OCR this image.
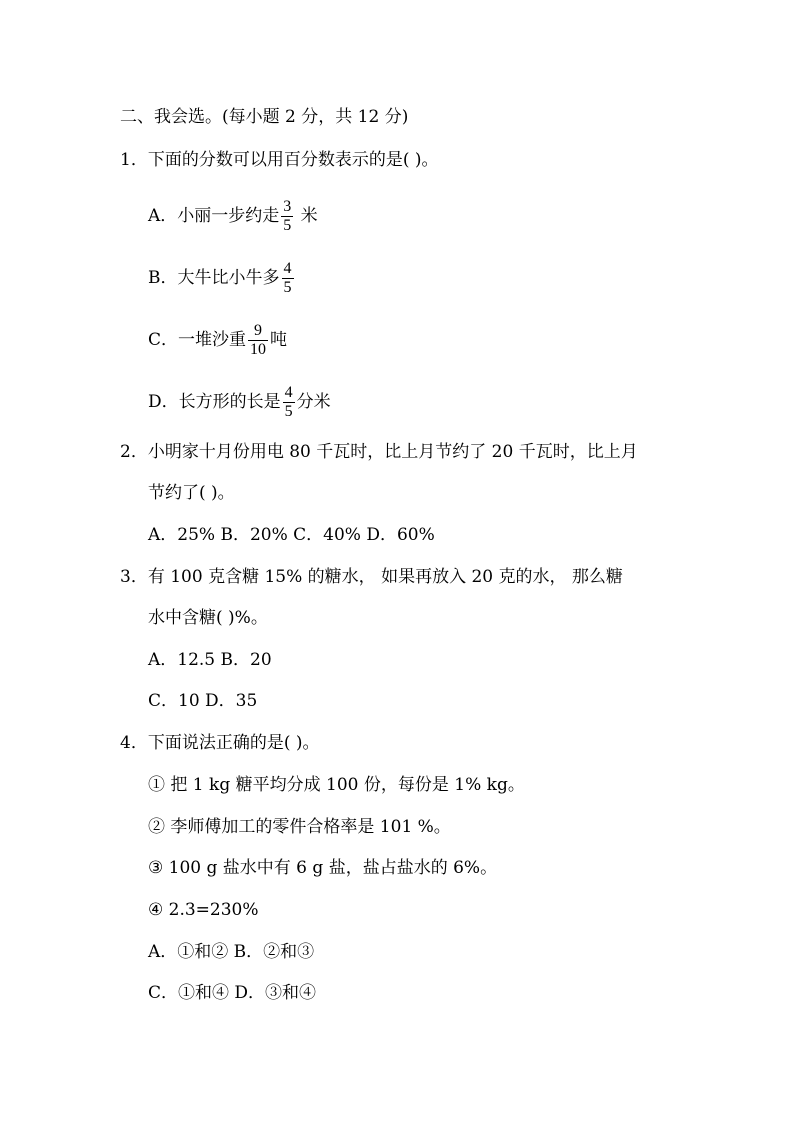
二、我会选。(每小题 2 分，共 12 分)
1．下面的分数可以用百分数表示的是( )。
A．小丽一步约走 $\frac{3}{5}$ 米
B．大牛比小牛多 $\frac{4}{5}$
C．一堆沙重 $\frac{9}{10}$ 吨
D．长方形的长是 $\frac{4}{5}$ 分米
2．小明家十月份用电 80 千瓦时，比上月节约了 20 千瓦时，比上月
节约了( )。
A．25% B．20% C．40% D．60%
3．有 100 克含糖 15% 的糖水， 如果再放入 20 克的水， 那么糖
水中含糖( )%。
A．12.5 B．20
C．10 D．35
4．下面说法正确的是( )。
① 把 1 kg 糖平均分成 100 份，每份是 1% kg。
② 李师傅加工的零件合格率是 101 %。
③ 100 g 盐水中有 6 g 盐，盐占盐水的 6%。
④ 2.3=230%
A．①和② B．②和③
C．①和④ D．③和④
